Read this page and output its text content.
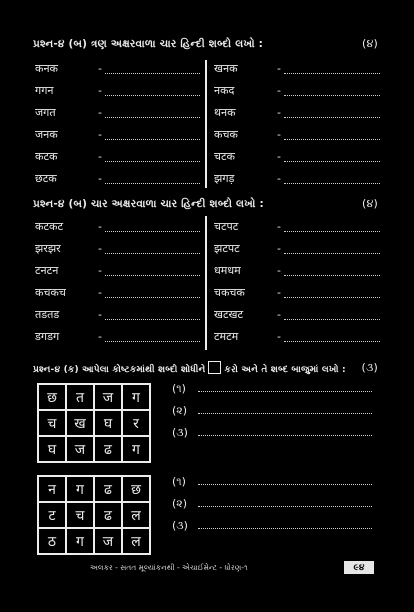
પ્રશ્ન-૪ (બ) ત્રણ અક્ષરવાળા ચાર હિન્દી શબ્દો લખો :	(૪)
कनक	-	खनक	-
गगन	-	नकद	-
जगत	-	थनक	-
जनक	-	कचक	-
कटक	-	चटक	-
छटक	-	झगड़	-
પ્રશ્ન-૪ (બ) ચાર અક્ષરવાળા ચાર હિન્દી શબ્દો લખો :	(૪)
कटकट	-	चटपट	-
झरझर	-	झटपट	-
टनटन	-	धमधम	-
कचकच	-	चकचक	-
तडतड	-	खटखट	-
डगडग	-	टमटम	-
પ્રશ્ન-૪ (ક) આપેલા કોષ્ટકમાંથી શબ્દો શોધીને કરો અને તે શબ્દ બાજુમાં લખો : (૩)
छ	त	ज	ग
च	ख	घ	र
घ	ज	ढ	ग
(૧)
(૨)
(૩)
न	ग	ढ	छ
ट	च	ढ	ल
ठ	ग	ज	ल
(૧)
(૨)
(૩)
અલકર - સતત મૂલ્યાંકનથી - એચાઈમેન્ટ - ધોરણ-૧	૯૪
